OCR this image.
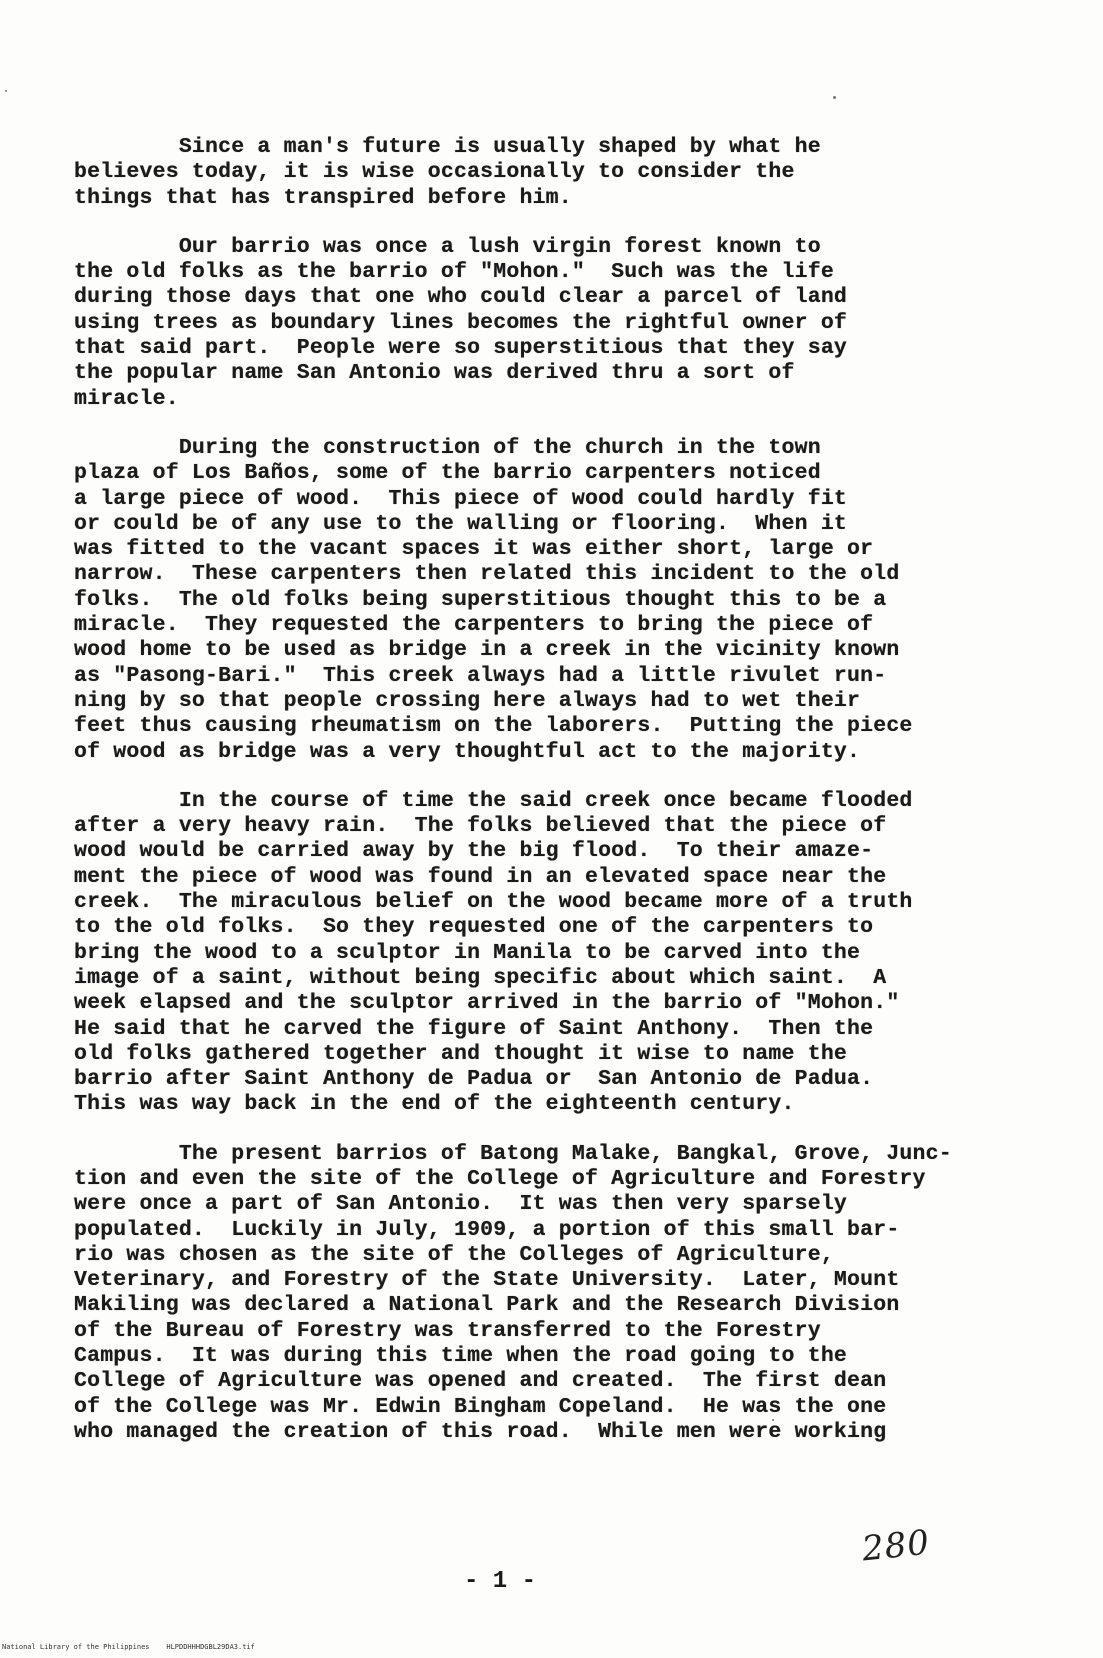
Since a man's future is usually shaped by what he
believes today, it is wise occasionally to consider the
things that has transpired before him.
Our barrio was once a lush virgin forest known to
the old folks as the barrio of "Mohon."  Such was the life
during those days that one who could clear a parcel of land
using trees as boundary lines becomes the rightful owner of
that said part.  People were so superstitious that they say
the popular name San Antonio was derived thru a sort of
miracle.
During the construction of the church in the town
plaza of Los Baños, some of the barrio carpenters noticed
a large piece of wood.  This piece of wood could hardly fit
or could be of any use to the walling or flooring.  When it
was fitted to the vacant spaces it was either short, large or
narrow.  These carpenters then related this incident to the old
folks.  The old folks being superstitious thought this to be a
miracle.  They requested the carpenters to bring the piece of
wood home to be used as bridge in a creek in the vicinity known
as "Pasong-Bari."  This creek always had a little rivulet run-
ning by so that people crossing here always had to wet their
feet thus causing rheumatism on the laborers.  Putting the piece
of wood as bridge was a very thoughtful act to the majority.
In the course of time the said creek once became flooded
after a very heavy rain.  The folks believed that the piece of
wood would be carried away by the big flood.  To their amaze-
ment the piece of wood was found in an elevated space near the
creek.  The miraculous belief on the wood became more of a truth
to the old folks.  So they requested one of the carpenters to
bring the wood to a sculptor in Manila to be carved into the
image of a saint, without being specific about which saint.  A
week elapsed and the sculptor arrived in the barrio of "Mohon."
He said that he carved the figure of Saint Anthony.  Then the
old folks gathered together and thought it wise to name the
barrio after Saint Anthony de Padua or  San Antonio de Padua.
This was way back in the end of the eighteenth century.
The present barrios of Batong Malake, Bangkal, Grove, Junc-
tion and even the site of the College of Agriculture and Forestry
were once a part of San Antonio.  It was then very sparsely
populated.  Luckily in July, 1909, a portion of this small bar-
rio was chosen as the site of the Colleges of Agriculture,
Veterinary, and Forestry of the State University.  Later, Mount
Makiling was declared a National Park and the Research Division
of the Bureau of Forestry was transferred to the Forestry
Campus.  It was during this time when the road going to the
College of Agriculture was opened and created.  The first dean
of the College was Mr. Edwin Bingham Copeland.  He was the one
who managed the creation of this road.  While men were working
- 1 -
280
National Library of the Philippines    HLPDDHHHDGBL29DA3.tif
